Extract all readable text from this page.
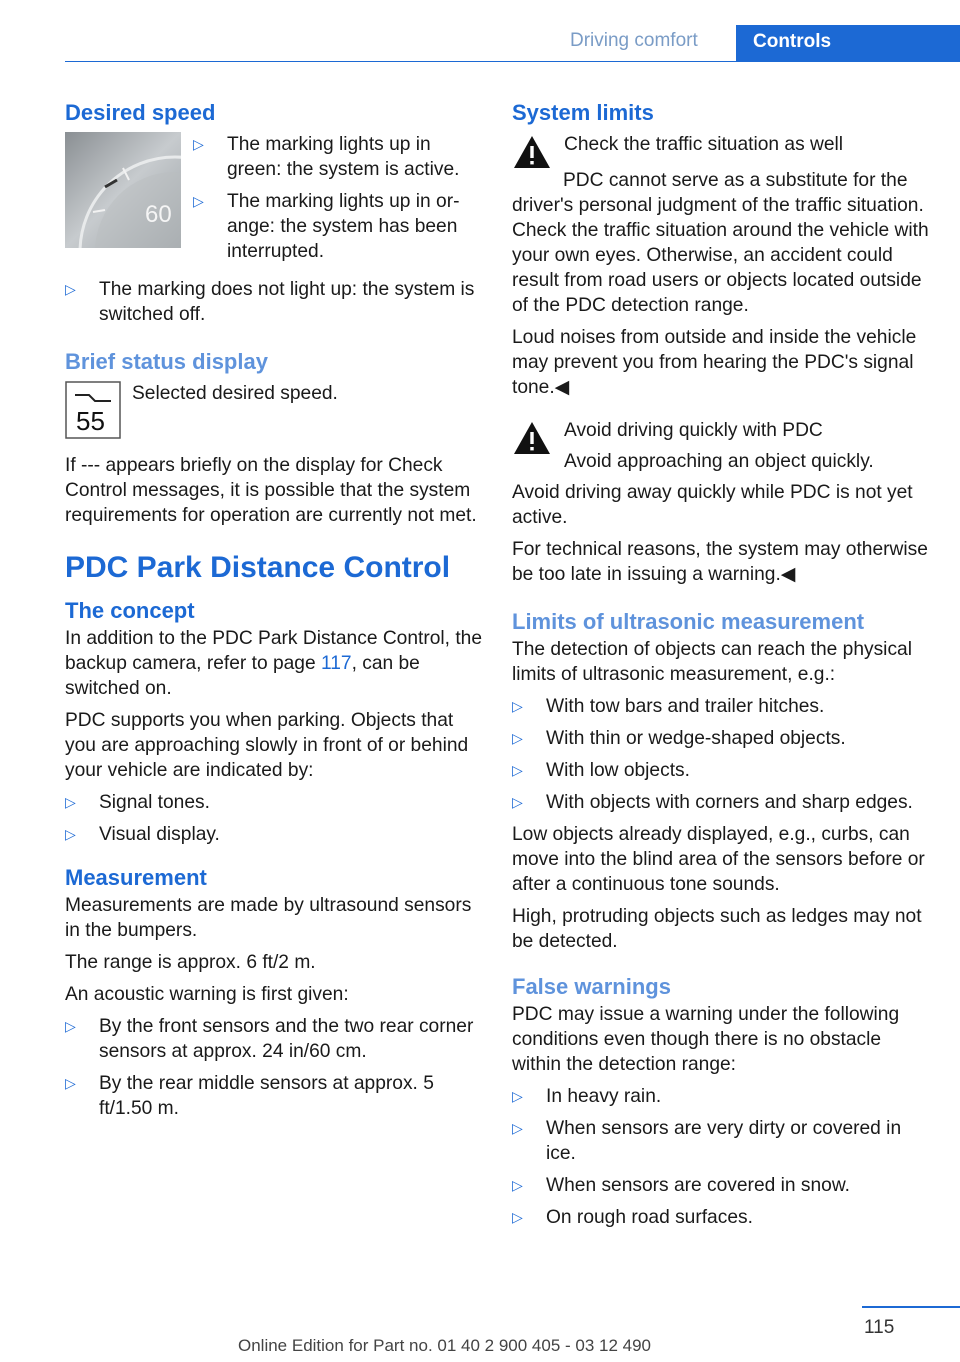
Driving comfort	Controls
Desired speed
60
▷ The marking lights up in green: the system is active.
▷ The marking lights up in orange: the system has been interrupted.
▷ The marking does not light up: the system is switched off.
Brief status display
55

Selected desired speed.

If --- appears briefly on the display for Check Control messages, it is possible that the system requirements for operation are currently not met.

PDC Park Distance Control
The concept

In addition to the PDC Park Distance Control, the backup camera, refer to page 117, can be switched on.

PDC supports you when parking. Objects that you are approaching slowly in front of or behind your vehicle are indicated by:

▷ Signal tones.
▷ Visual display.
Measurement

Measurements are made by ultrasound sensors in the bumpers.

The range is approx. 6 ft/2 m.

An acoustic warning is first given:

▷ By the front sensors and the two rear corner sensors at approx. 24 in/60 cm.
▷ By the rear middle sensors at approx. 5 ft/1.50 m.
System limits

Check the traffic situation as well

PDC cannot serve as a substitute for the driver's personal judgment of the traffic situation. Check the traffic situation around the vehicle with your own eyes. Otherwise, an accident could result from road users or objects located outside of the PDC detection range.

Loud noises from outside and inside the vehicle may prevent you from hearing the PDC's signal tone.◀

Avoid driving quickly with PDC

Avoid approaching an object quickly.

Avoid driving away quickly while PDC is not yet active.

For technical reasons, the system may otherwise be too late in issuing a warning.◀

Limits of ultrasonic measurement

The detection of objects can reach the physical limits of ultrasonic measurement, e.g.:

▷ With tow bars and trailer hitches.
▷ With thin or wedge-shaped objects.
▷ With low objects.
▷ With objects with corners and sharp edges.

Low objects already displayed, e.g., curbs, can move into the blind area of the sensors before or after a continuous tone sounds.

High, protruding objects such as ledges may not be detected.

False warnings

PDC may issue a warning under the following conditions even though there is no obstacle within the detection range:

▷ In heavy rain.
▷ When sensors are very dirty or covered in ice.
▷ When sensors are covered in snow.
▷ On rough road surfaces.
115
Online Edition for Part no. 01 40 2 900 405 - 03 12 490
